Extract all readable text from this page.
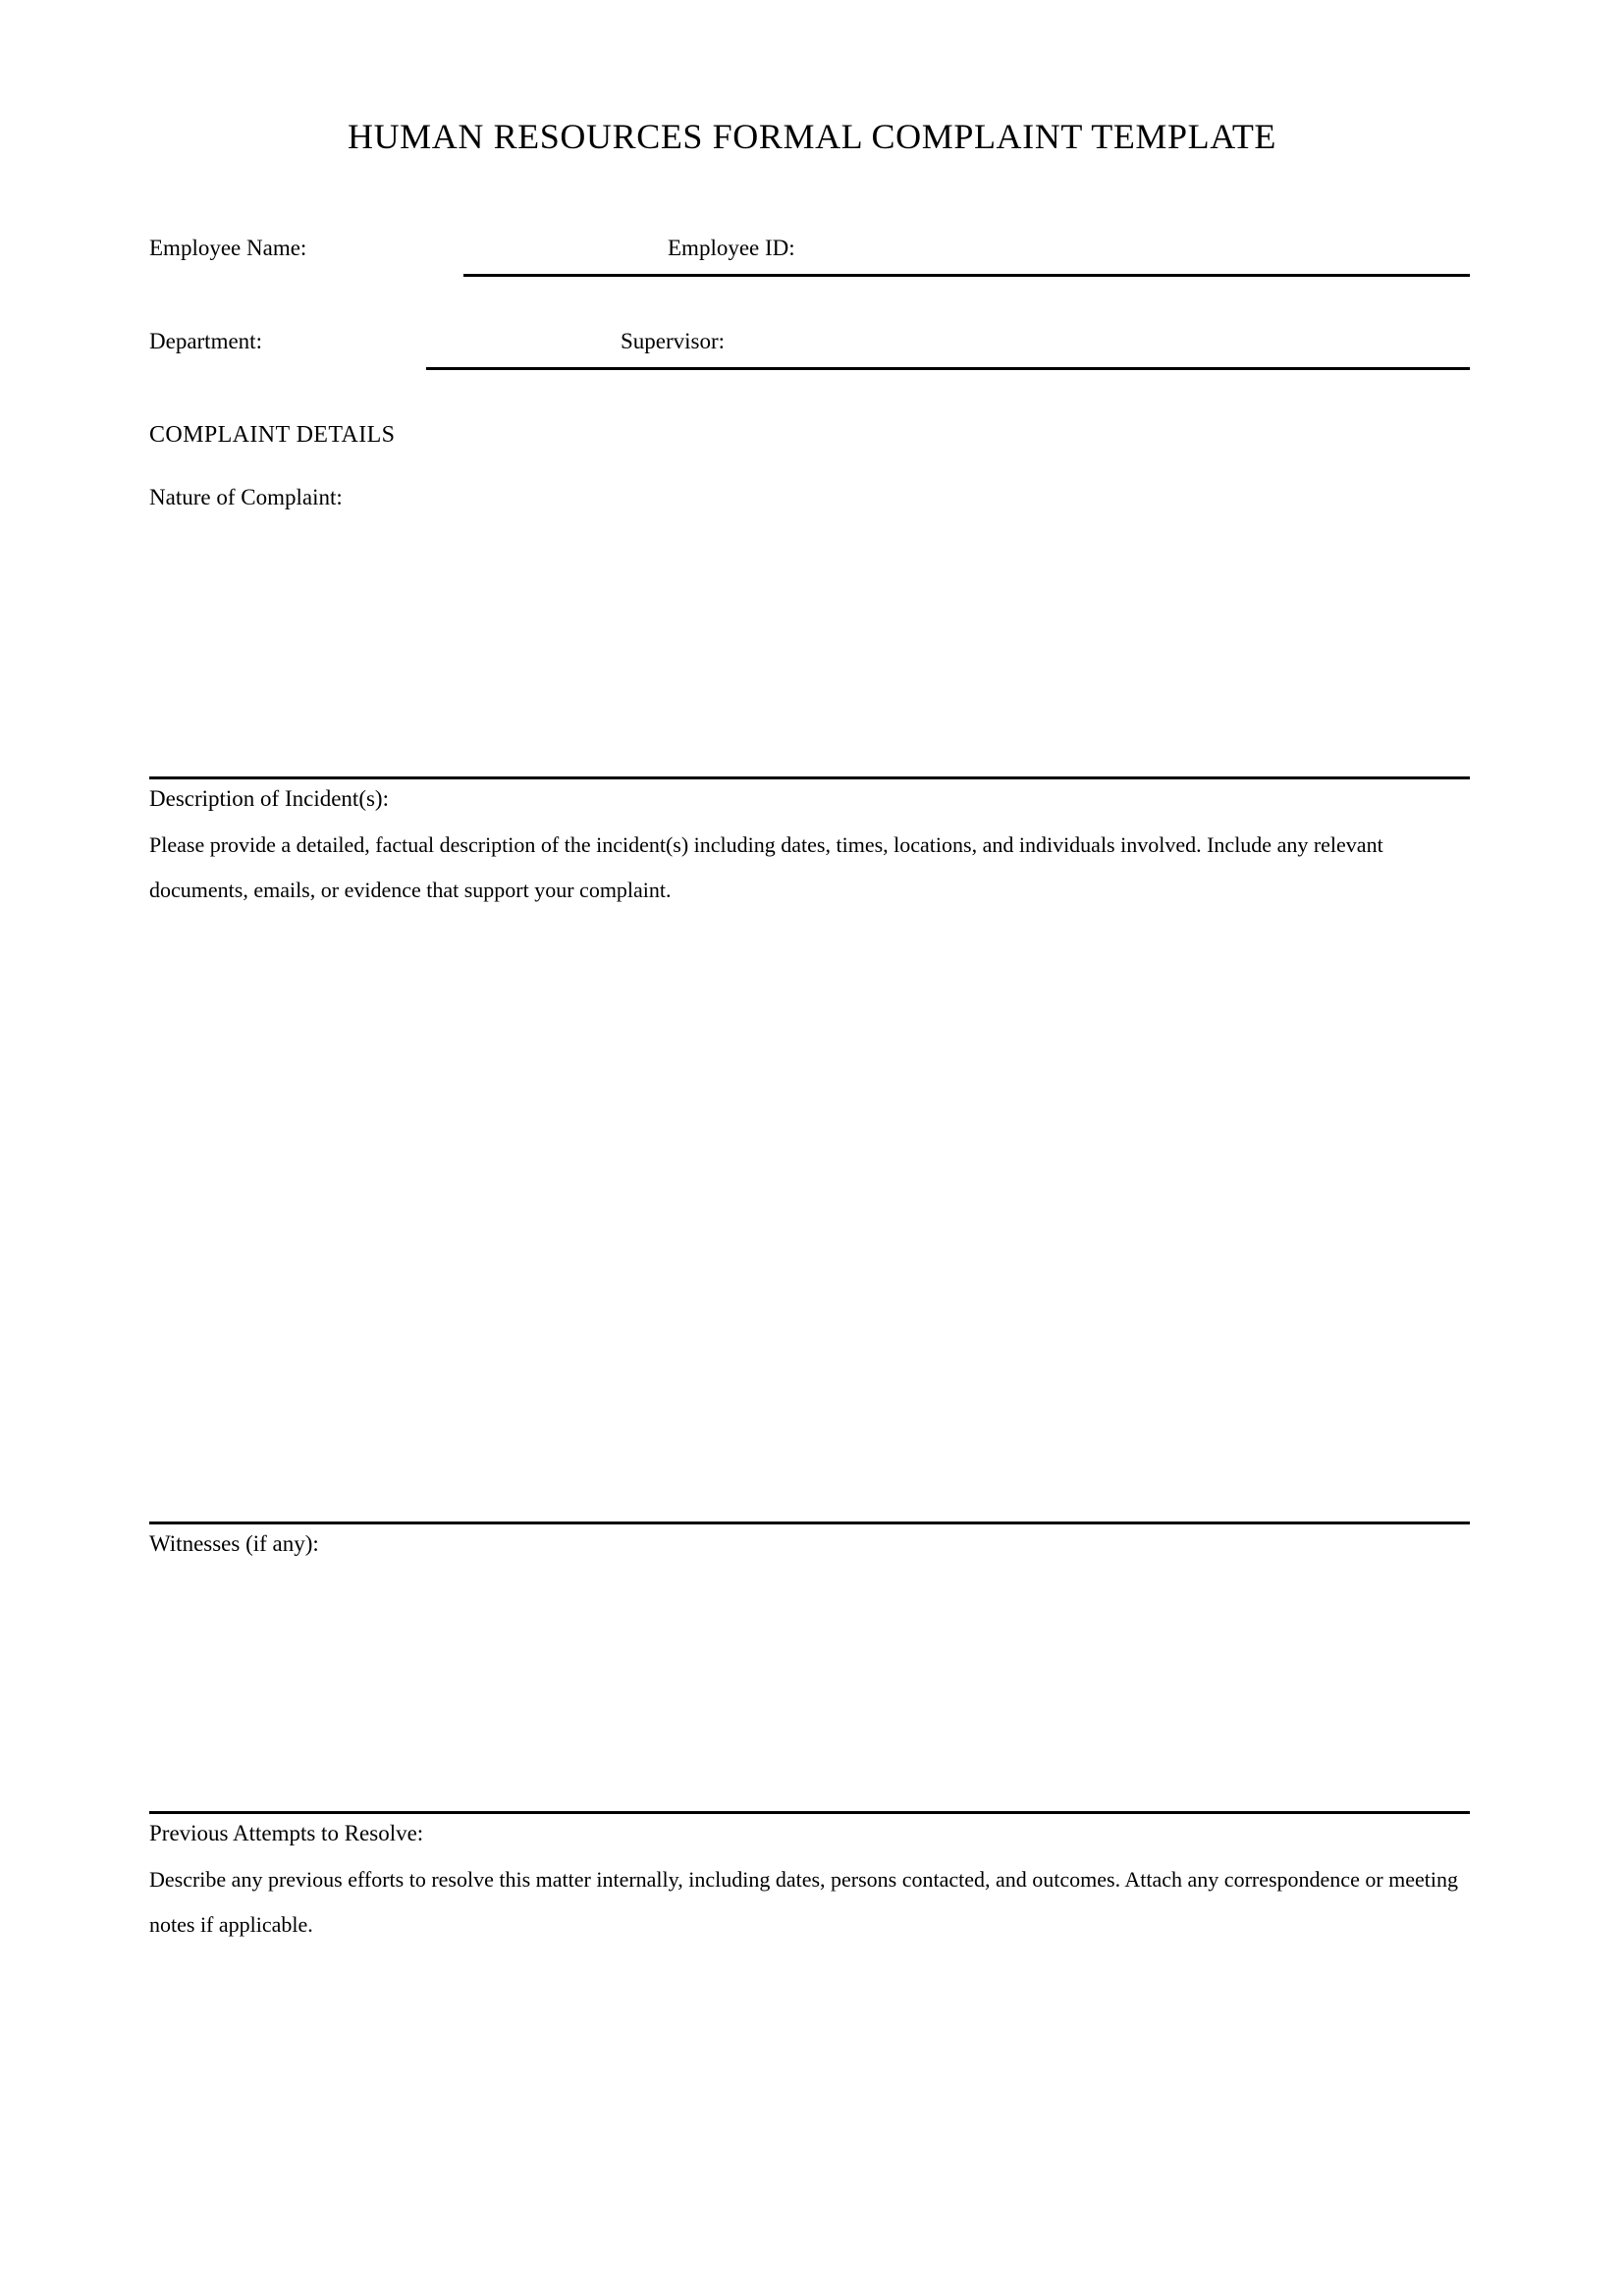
HUMAN RESOURCES FORMAL COMPLAINT TEMPLATE
Employee Name:	Employee ID:
Department:	Supervisor:
COMPLAINT DETAILS
Nature of Complaint:
Description of Incident(s):
Please provide a detailed, factual description of the incident(s) including dates, times, locations, and individuals involved. Include any relevant documents, emails, or evidence that support your complaint.
Witnesses (if any):
Previous Attempts to Resolve:
Describe any previous efforts to resolve this matter internally, including dates, persons contacted, and outcomes. Attach any correspondence or meeting notes if applicable.
